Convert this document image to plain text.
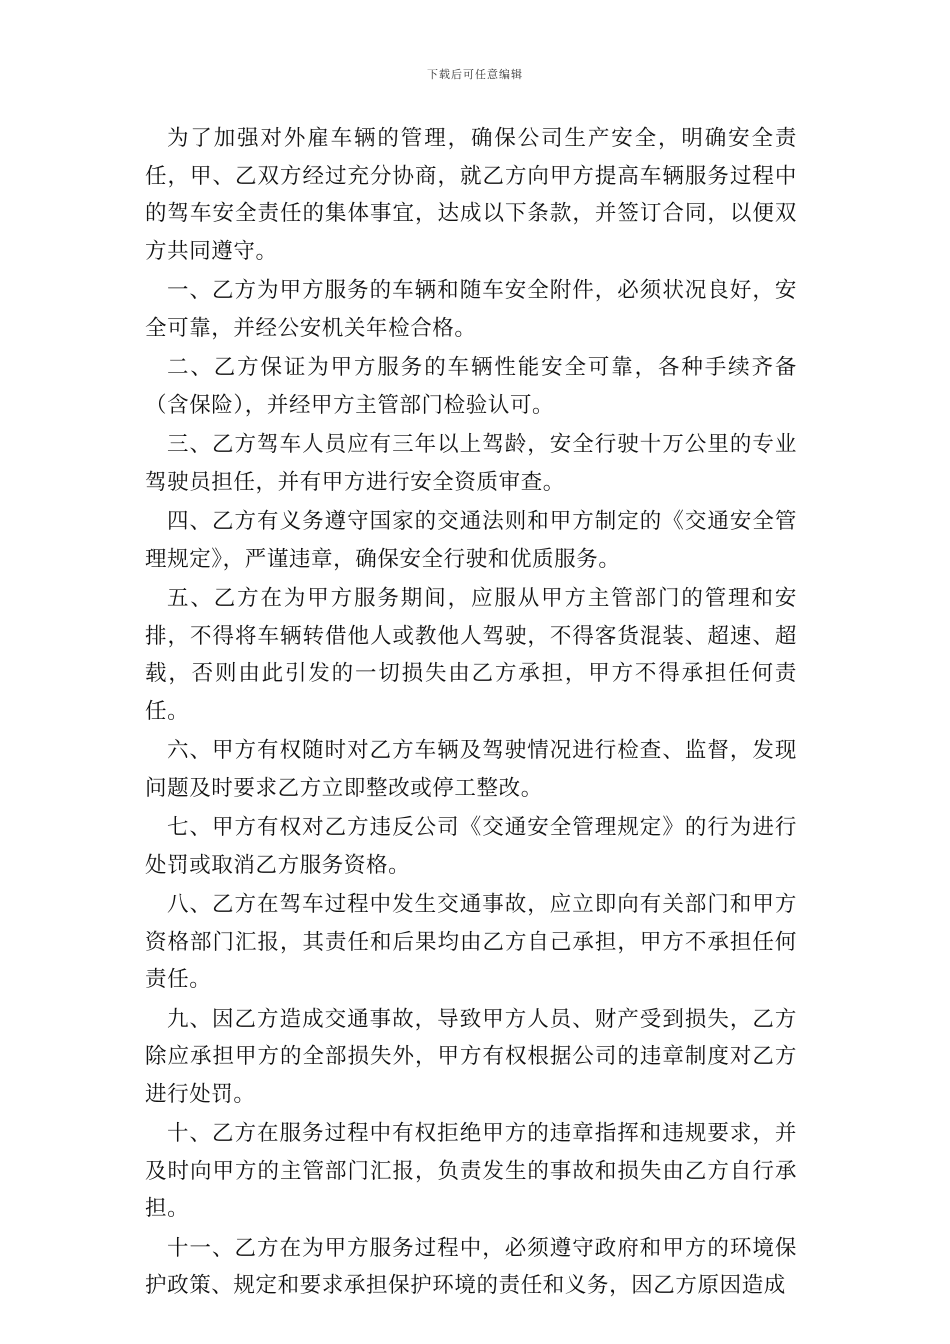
下载后可任意编辑

为了加强对外雇车辆的管理，确保公司生产安全，明确安全责任，甲、乙双方经过充分协商，就乙方向甲方提高车辆服务过程中的驾车安全责任的集体事宜，达成以下条款，并签订合同，以便双方共同遵守。

一、乙方为甲方服务的车辆和随车安全附件，必须状况良好，安全可靠，并经公安机关年检合格。

二、乙方保证为甲方服务的车辆性能安全可靠，各种手续齐备（含保险），并经甲方主管部门检验认可。

三、乙方驾车人员应有三年以上驾龄，安全行驶十万公里的专业驾驶员担任，并有甲方进行安全资质审查。

四、乙方有义务遵守国家的交通法则和甲方制定的《交通安全管理规定》，严谨违章，确保安全行驶和优质服务。

五、乙方在为甲方服务期间，应服从甲方主管部门的管理和安排，不得将车辆转借他人或教他人驾驶，不得客货混装、超速、超载，否则由此引发的一切损失由乙方承担，甲方不得承担任何责任。

六、甲方有权随时对乙方车辆及驾驶情况进行检查、监督，发现问题及时要求乙方立即整改或停工整改。

七、甲方有权对乙方违反公司《交通安全管理规定》的行为进行处罚或取消乙方服务资格。

八、乙方在驾车过程中发生交通事故，应立即向有关部门和甲方资格部门汇报，其责任和后果均由乙方自己承担，甲方不承担任何责任。

九、因乙方造成交通事故，导致甲方人员、财产受到损失，乙方除应承担甲方的全部损失外，甲方有权根据公司的违章制度对乙方进行处罚。

十、乙方在服务过程中有权拒绝甲方的违章指挥和违规要求，并及时向甲方的主管部门汇报，负责发生的事故和损失由乙方自行承担。

十一、乙方在为甲方服务过程中，必须遵守政府和甲方的环境保护政策、规定和要求承担保护环境的责任和义务，因乙方原因造成
